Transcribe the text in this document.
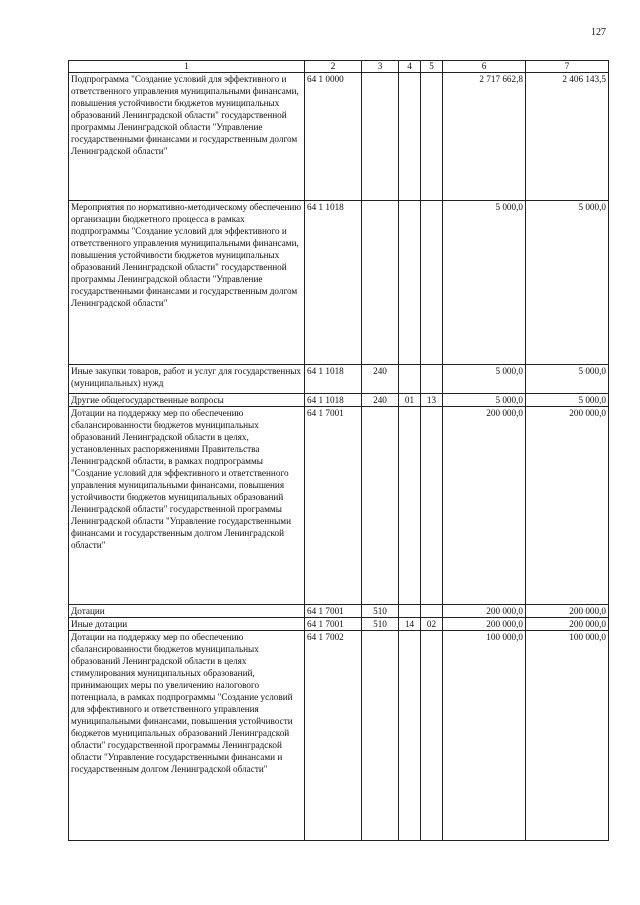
127
1	2	3	4	5	6	7
Подпрограмма "Создание условий для эффективного и ответственного управления муниципальными финансами, повышения устойчивости бюджетов муниципальных образований Ленинградской области" государственной программы Ленинградской области "Управление государственными финансами и государственным долгом Ленинградской области"	64 1 0000				2 717 662,8	2 406 143,5
Мероприятия по нормативно-методическому обеспечению организации бюджетного процесса в рамках подпрограммы "Создание условий для эффективного и ответственного управления муниципальными финансами, повышения устойчивости бюджетов муниципальных образований Ленинградской области" государственной программы Ленинградской области "Управление государственными финансами и государственным долгом Ленинградской области"	64 1 1018				5 000,0	5 000,0
Иные закупки товаров, работ и услуг для государственных (муниципальных) нужд	64 1 1018	240			5 000,0	5 000,0
Другие общегосударственные вопросы	64 1 1018	240	01	13	5 000,0	5 000,0
Дотации на поддержку мер по обеспечению сбалансированности бюджетов муниципальных образований Ленинградской области в целях, установленных распоряжениями Правительства Ленинградской области, в рамках подпрограммы "Создание условий для эффективного и ответственного управления муниципальными финансами, повышения устойчивости бюджетов муниципальных образований Ленинградской области" государственной программы Ленинградской области "Управление государственными финансами и государственным долгом Ленинградской области"	64 1 7001				200 000,0	200 000,0
Дотации	64 1 7001	510			200 000,0	200 000,0
Иные дотации	64 1 7001	510	14	02	200 000,0	200 000,0
Дотации на поддержку мер по обеспечению сбалансированности бюджетов муниципальных образований Ленинградской области в целях стимулирования муниципальных образований, принимающих меры по увеличению налогового потенциала, в рамках подпрограммы "Создание условий для эффективного и ответственного управления муниципальными финансами, повышения устойчивости бюджетов муниципальных образований Ленинградской области" государственной программы Ленинградской области "Управление государственными финансами и государственным долгом Ленинградской области"	64 1 7002				100 000,0	100 000,0
